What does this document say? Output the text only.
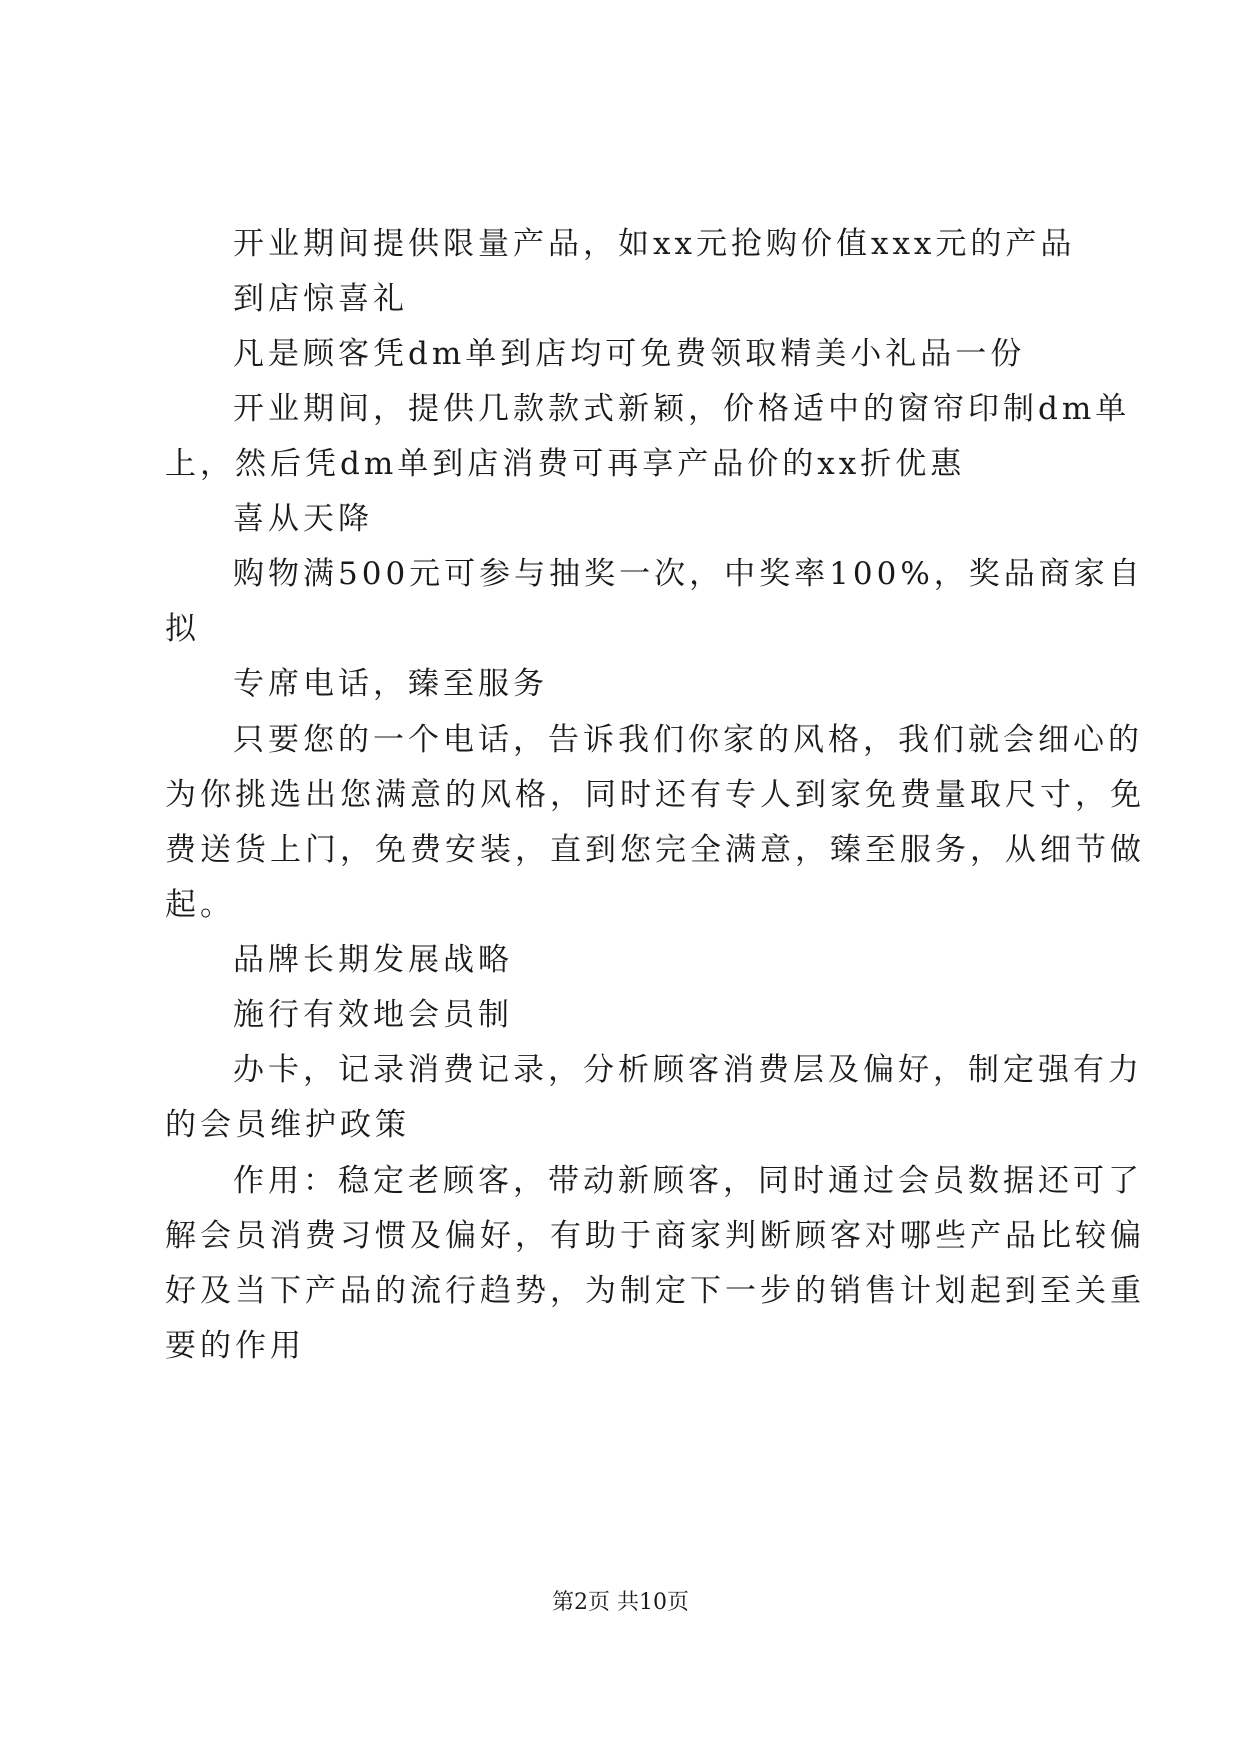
开业期间提供限量产品，如xx元抢购价值xxx元的产品
到店惊喜礼
凡是顾客凭dm单到店均可免费领取精美小礼品一份
开业期间，提供几款款式新颖，价格适中的窗帘印制dm单
上，然后凭dm单到店消费可再享产品价的xx折优惠
喜从天降
购物满500元可参与抽奖一次，中奖率100%，奖品商家自
拟
专席电话，臻至服务
只要您的一个电话，告诉我们你家的风格，我们就会细心的
为你挑选出您满意的风格，同时还有专人到家免费量取尺寸，免
费送货上门，免费安装，直到您完全满意，臻至服务，从细节做
起。
品牌长期发展战略
施行有效地会员制
办卡，记录消费记录，分析顾客消费层及偏好，制定强有力
的会员维护政策
作用：稳定老顾客，带动新顾客，同时通过会员数据还可了
解会员消费习惯及偏好，有助于商家判断顾客对哪些产品比较偏
好及当下产品的流行趋势，为制定下一步的销售计划起到至关重
要的作用
第2页 共10页
